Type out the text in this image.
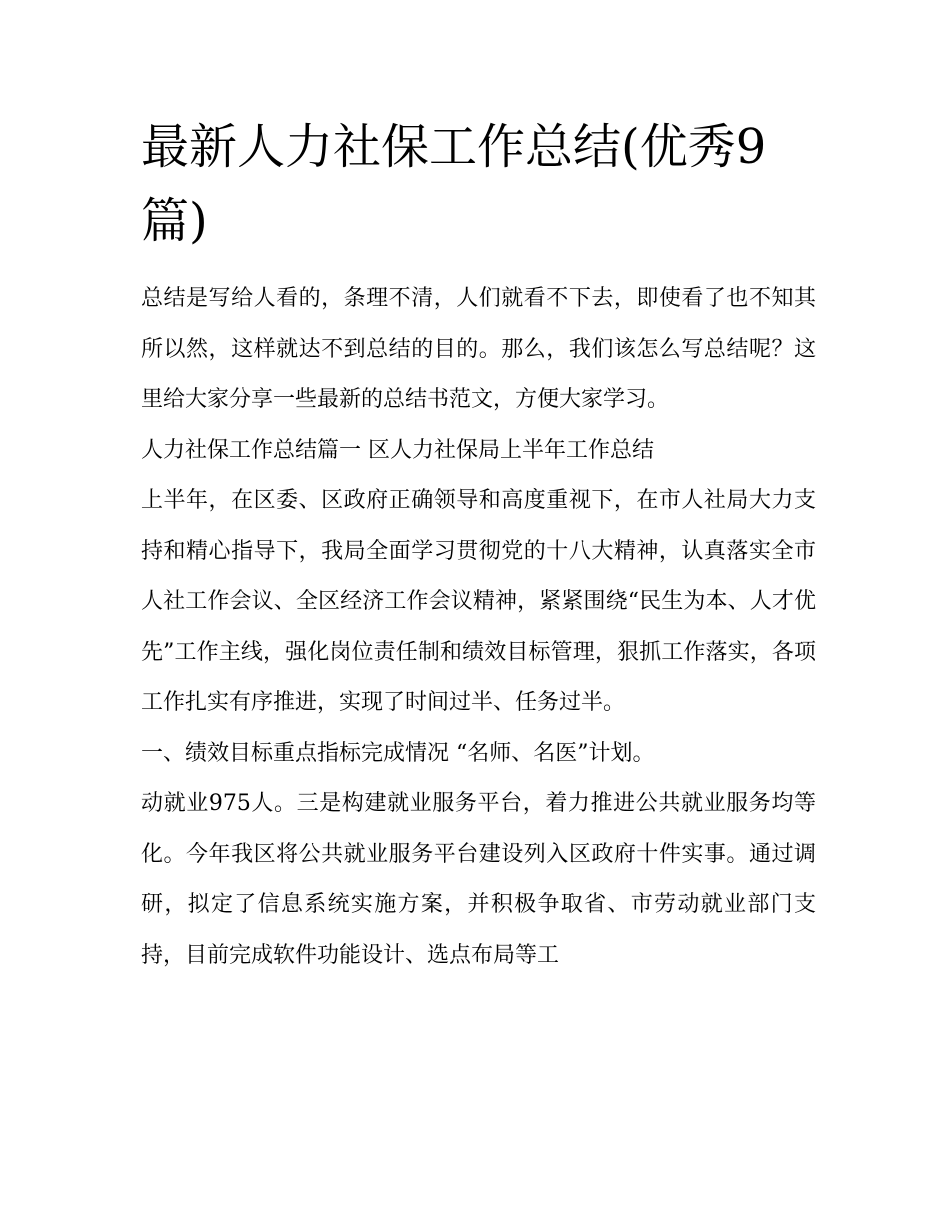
最新人力社保工作总结(优秀9篇)

总结是写给人看的，条理不清，人们就看不下去，即使看了也不知其所以然，这样就达不到总结的目的。那么，我们该怎么写总结呢？这里给大家分享一些最新的总结书范文，方便大家学习。

人力社保工作总结篇一 区人力社保局上半年工作总结

上半年，在区委、区政府正确领导和高度重视下，在市人社局大力支持和精心指导下，我局全面学习贯彻党的十八大精神，认真落实全市人社工作会议、全区经济工作会议精神，紧紧围绕“民生为本、人才优先”工作主线，强化岗位责任制和绩效目标管理，狠抓工作落实，各项工作扎实有序推进，实现了时间过半、任务过半。

一、绩效目标重点指标完成情况 “名师、名医”计划。

动就业975人。三是构建就业服务平台，着力推进公共就业服务均等化。今年我区将公共就业服务平台建设列入区政府十件实事。通过调研，拟定了信息系统实施方案，并积极争取省、市劳动就业部门支持，目前完成软件功能设计、选点布局等工
